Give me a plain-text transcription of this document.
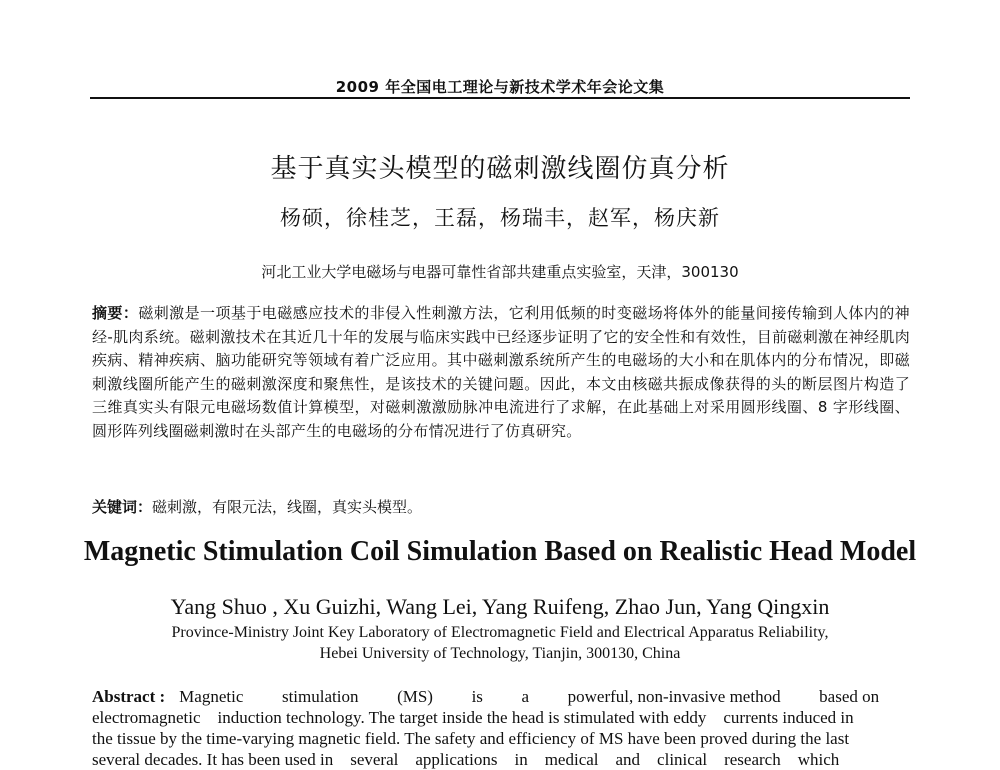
2009 年全国电工理论与新技术学术年会论文集
基于真实头模型的磁刺激线圈仿真分析
杨硕，徐桂芝，王磊，杨瑞丰，赵军，杨庆新
河北工业大学电磁场与电器可靠性省部共建重点实验室，天津，300130
摘要：磁刺激是一项基于电磁感应技术的非侵入性刺激方法，它利用低频的时变磁场将体外的能量间接传输到人体内的神经-肌肉系统。磁刺激技术在其近几十年的发展与临床实践中已经逐步证明了它的安全性和有效性，目前磁刺激在神经肌肉疾病、精神疾病、脑功能研究等领域有着广泛应用。其中磁刺激系统所产生的电磁场的大小和在肌体内的分布情况，即磁刺激线圈所能产生的磁刺激深度和聚焦性，是该技术的关键问题。因此，本文由核磁共振成像获得的头的断层图片构造了三维真实头有限元电磁场数值计算模型，对磁刺激激励脉冲电流进行了求解，在此基础上对采用圆形线圈、8 字形线圈、圆形阵列线圈磁刺激时在头部产生的电磁场的分布情况进行了仿真研究。
关键词：磁刺激，有限元法，线圈，真实头模型。
Magnetic Stimulation Coil Simulation Based on Realistic Head Model
Yang Shuo , Xu Guizhi, Wang Lei, Yang Ruifeng, Zhao Jun, Yang Qingxin
Province-Ministry Joint Key Laboratory of Electromagnetic Field and Electrical Apparatus Reliability,
Hebei University of Technology, Tianjin, 300130, China
Abstract : Magnetic stimulation (MS) is a powerful, non-invasive method based on
electromagnetic    induction technology. The target inside the head is stimulated with eddy    currents induced in
the tissue by the time-varying magnetic field. The safety and efficiency of MS have been proved during the last
several decades. It has been used in    several    applications    in    medical    and    clinical    research    which
